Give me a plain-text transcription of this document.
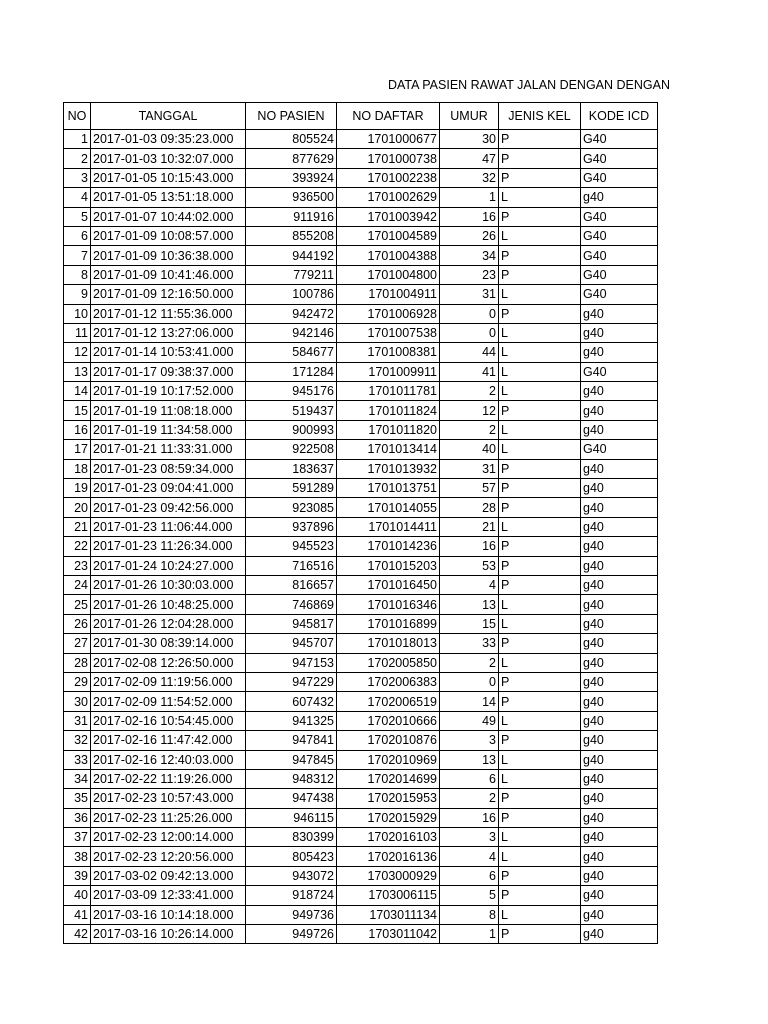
DATA PASIEN RAWAT JALAN DENGAN DENGAN
NO	TANGGAL	NO PASIEN	NO DAFTAR	UMUR	JENIS KEL	KODE ICD
1	2017-01-03 09:35:23.000	805524	1701000677	30	P	G40
2	2017-01-03 10:32:07.000	877629	1701000738	47	P	G40
3	2017-01-05 10:15:43.000	393924	1701002238	32	P	G40
4	2017-01-05 13:51:18.000	936500	1701002629	1	L	g40
5	2017-01-07 10:44:02.000	911916	1701003942	16	P	G40
6	2017-01-09 10:08:57.000	855208	1701004589	26	L	G40
7	2017-01-09 10:36:38.000	944192	1701004388	34	P	G40
8	2017-01-09 10:41:46.000	779211	1701004800	23	P	G40
9	2017-01-09 12:16:50.000	100786	1701004911	31	L	G40
10	2017-01-12 11:55:36.000	942472	1701006928	0	P	g40
11	2017-01-12 13:27:06.000	942146	1701007538	0	L	g40
12	2017-01-14 10:53:41.000	584677	1701008381	44	L	g40
13	2017-01-17 09:38:37.000	171284	1701009911	41	L	G40
14	2017-01-19 10:17:52.000	945176	1701011781	2	L	g40
15	2017-01-19 11:08:18.000	519437	1701011824	12	P	g40
16	2017-01-19 11:34:58.000	900993	1701011820	2	L	g40
17	2017-01-21 11:33:31.000	922508	1701013414	40	L	G40
18	2017-01-23 08:59:34.000	183637	1701013932	31	P	g40
19	2017-01-23 09:04:41.000	591289	1701013751	57	P	g40
20	2017-01-23 09:42:56.000	923085	1701014055	28	P	g40
21	2017-01-23 11:06:44.000	937896	1701014411	21	L	g40
22	2017-01-23 11:26:34.000	945523	1701014236	16	P	g40
23	2017-01-24 10:24:27.000	716516	1701015203	53	P	g40
24	2017-01-26 10:30:03.000	816657	1701016450	4	P	g40
25	2017-01-26 10:48:25.000	746869	1701016346	13	L	g40
26	2017-01-26 12:04:28.000	945817	1701016899	15	L	g40
27	2017-01-30 08:39:14.000	945707	1701018013	33	P	g40
28	2017-02-08 12:26:50.000	947153	1702005850	2	L	g40
29	2017-02-09 11:19:56.000	947229	1702006383	0	P	g40
30	2017-02-09 11:54:52.000	607432	1702006519	14	P	g40
31	2017-02-16 10:54:45.000	941325	1702010666	49	L	g40
32	2017-02-16 11:47:42.000	947841	1702010876	3	P	g40
33	2017-02-16 12:40:03.000	947845	1702010969	13	L	g40
34	2017-02-22 11:19:26.000	948312	1702014699	6	L	g40
35	2017-02-23 10:57:43.000	947438	1702015953	2	P	g40
36	2017-02-23 11:25:26.000	946115	1702015929	16	P	g40
37	2017-02-23 12:00:14.000	830399	1702016103	3	L	g40
38	2017-02-23 12:20:56.000	805423	1702016136	4	L	g40
39	2017-03-02 09:42:13.000	943072	1703000929	6	P	g40
40	2017-03-09 12:33:41.000	918724	1703006115	5	P	g40
41	2017-03-16 10:14:18.000	949736	1703011134	8	L	g40
42	2017-03-16 10:26:14.000	949726	1703011042	1	P	g40
